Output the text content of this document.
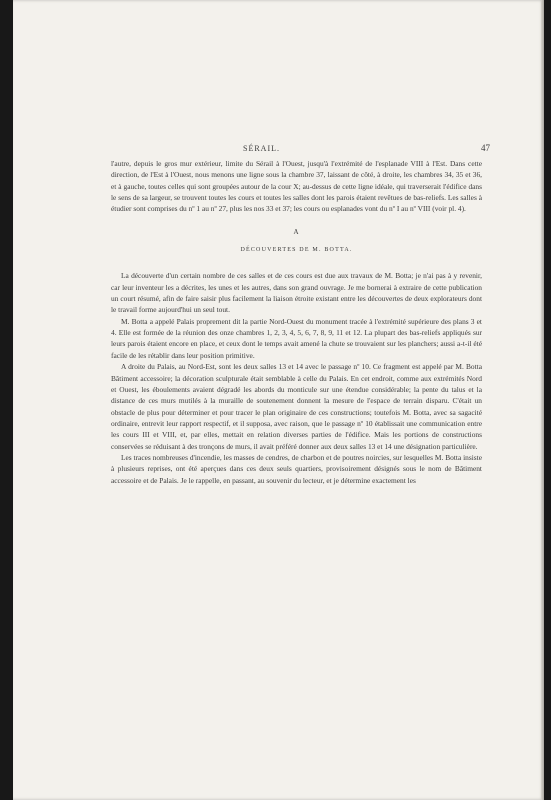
SÉRAIL.	47

l'autre, depuis le gros mur extérieur, limite du Sérail à l'Ouest, jusqu'à l'extrémité de l'esplanade VIII à l'Est. Dans cette direction, de l'Est à l'Ouest, nous menons une ligne sous la chambre 37, laissant de côté, à droite, les chambres 34, 35 et 36, et à gauche, toutes celles qui sont groupées autour de la cour X; au-dessus de cette ligne idéale, qui traverserait l'édifice dans le sens de sa largeur, se trouvent toutes les cours et toutes les salles dont les parois étaient revêtues de bas-reliefs. Les salles à étudier sont comprises du nº 1 au nº 27, plus les nos 33 et 37; les cours ou esplanades vont du nº I au nº VIII (voir pl. 4).

A
DÉCOUVERTES DE M. BOTTA.

La découverte d'un certain nombre de ces salles et de ces cours est due aux travaux de M. Botta; je n'ai pas à y revenir, car leur inventeur les a décrites, les unes et les autres, dans son grand ouvrage. Je me bornerai à extraire de cette publication un court résumé, afin de faire saisir plus facilement la liaison étroite existant entre les découvertes de deux explorateurs dont le travail forme aujourd'hui un seul tout.

M. Botta a appelé Palais proprement dit la partie Nord-Ouest du monument tracée à l'extrémité supérieure des plans 3 et 4. Elle est formée de la réunion des onze chambres 1, 2, 3, 4, 5, 6, 7, 8, 9, 11 et 12. La plupart des bas-reliefs appliqués sur leurs parois étaient encore en place, et ceux dont le temps avait amené la chute se trouvaient sur les planchers; aussi a-t-il été facile de les rétablir dans leur position primitive.

A droite du Palais, au Nord-Est, sont les deux salles 13 et 14 avec le passage nº 10. Ce fragment est appelé par M. Botta Bâtiment accessoire; la décoration sculpturale était semblable à celle du Palais. En cet endroit, comme aux extrémités Nord et Ouest, les éboulements avaient dégradé les abords du monticule sur une étendue considérable; la pente du talus et la distance de ces murs mutilés à la muraille de soutenement donnent la mesure de l'espace de terrain disparu. C'était un obstacle de plus pour déterminer et pour tracer le plan originaire de ces constructions; toutefois M. Botta, avec sa sagacité ordinaire, entrevit leur rapport respectif, et il supposa, avec raison, que le passage nº 10 établissait une communication entre les cours III et VIII, et, par elles, mettait en relation diverses parties de l'édifice. Mais les portions de constructions conservées se réduisant à des tronçons de murs, il avait préféré donner aux deux salles 13 et 14 une désignation particulière.

Les traces nombreuses d'incendie, les masses de cendres, de charbon et de poutres noircies, sur lesquelles M. Botta insiste à plusieurs reprises, ont été aperçues dans ces deux seuls quartiers, provisoirement désignés sous le nom de Bâtiment accessoire et de Palais. Je le rappelle, en passant, au souvenir du lecteur, et je détermine exactement les
